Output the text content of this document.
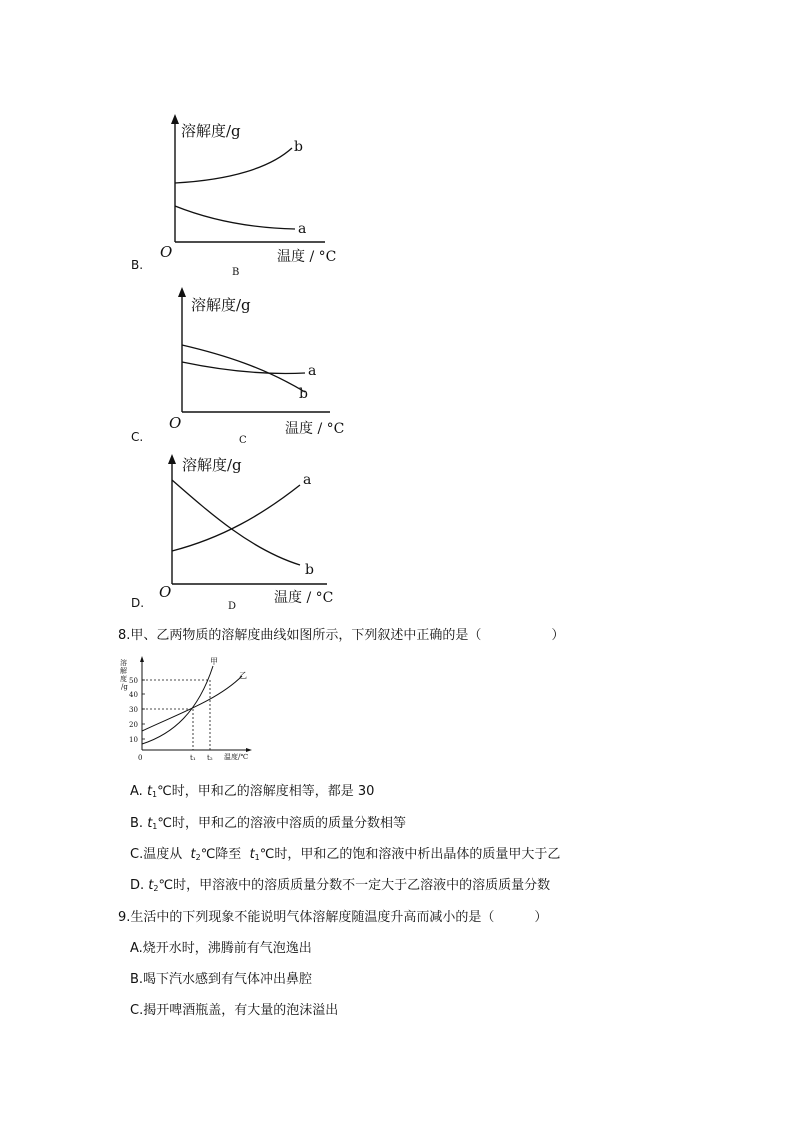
B.
溶解度/g
b
a
O	温度 / °C
B
C.
溶解度/g
a
b
O	温度 / °C
C
D.
溶解度/g
a
b
O	温度 / °C
D
8.甲、乙两物质的溶解度曲线如图所示，下列叙述中正确的是（	）
溶
解
度
/g
50
40
30
20
10
0	t₁ t₂ 温度/℃
甲
乙
A. $t_1℃$时，甲和乙的溶解度相等，都是 30
B. $t_1℃$时，甲和乙的溶液中溶质的质量分数相等
C.温度从  $t_2℃$降至  $t_1℃$时，甲和乙的饱和溶液中析出晶体的质量甲大于乙
D. $t_2℃$时，甲溶液中的溶质质量分数不一定大于乙溶液中的溶质质量分数
9.生活中的下列现象不能说明气体溶解度随温度升高而减小的是（	）
A.烧开水时，沸腾前有气泡逸出
B.喝下汽水感到有气体冲出鼻腔
C.揭开啤酒瓶盖，有大量的泡沫溢出
